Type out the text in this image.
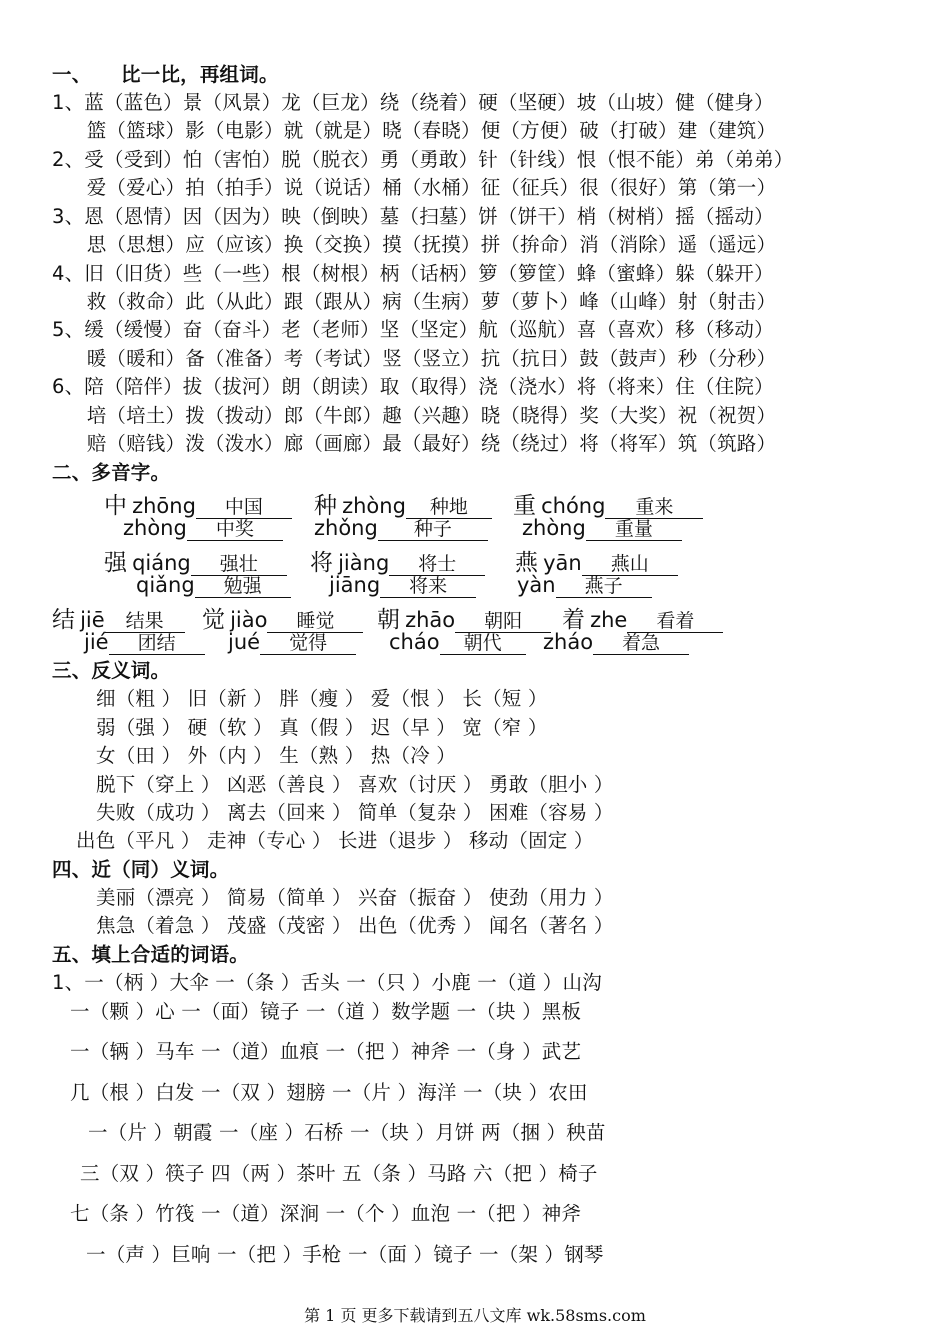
一、　　比一比，再组词。
1、蓝（蓝色）景（风景）龙（巨龙）绕（绕着）硬（坚硬）坡（山坡）健（健身）
　篮（篮球）影（电影）就（就是）晓（春晓）便（方便）破（打破）建（建筑）
2、受（受到）怕（害怕）脱（脱衣）勇（勇敢）针（针线）恨（恨不能）弟（弟弟）
　爱（爱心）拍（拍手）说（说话）桶（水桶）征（征兵）很（很好）第（第一）
3、恩（恩情）因（因为）映（倒映）墓（扫墓）饼（饼干）梢（树梢）摇（摇动）
　思（思想）应（应该）换（交换）摸（抚摸）拼（拚命）消（消除）遥（遥远）
4、旧（旧货）些（一些）根（树根）柄（话柄）箩（箩筐）蜂（蜜蜂）躲（躲开）
　救（救命）此（从此）跟（跟从）病（生病）萝（萝卜）峰（山峰）射（射击）
5、缓（缓慢）奋（奋斗）老（老师）坚（坚定）航（巡航）喜（喜欢）移（移动）
　暖（暖和）备（准备）考（考试）竖（竖立）抗（抗日）鼓（鼓声）秒（分秒）
6、陪（陪伴）拔（拔河）朗（朗读）取（取得）浇（浇水）将（将来）住（住院）
　培（培土）拨（拨动）郎（牛郎）趣（兴趣）晓（晓得）奖（大奖）祝（祝贺）
　赔（赔钱）泼（泼水）廊（画廊）最（最好）绕（绕过）将（将军）筑（筑路）
二、多音字。
中 zhōng 中国	种 zhòng 种地	重 chóng 重来
zhòng 中奖	zhǒng 种子	zhòng 重量
强 qiáng 强壮	将 jiàng 将士	燕 yān 燕山
qiǎng 勉强	jiāng 将来	yàn 燕子
结 jiē 结果	觉 jiào 睡觉	朝 zhāo 朝阳	着 zhe 看着
jié 团结	jué 觉得	cháo 朝代	zháo 着急
三、反义词。
细（粗 ） 旧（新 ） 胖（瘦 ） 爱（恨 ） 长（短 ）
弱（强 ） 硬（软 ） 真（假 ） 迟（早 ） 宽（窄 ）
女（田 ） 外（内 ） 生（熟 ） 热（冷 ）
脱下（穿上 ） 凶恶（善良 ） 喜欢（讨厌 ） 勇敢（胆小 ）
失败（成功 ） 离去（回来 ） 简单（复杂 ） 困难（容易 ）
出色（平凡 ） 走神（专心 ） 长进（退步 ） 移动（固定 ）
四、近（同）义词。
美丽（漂亮 ） 简易（简单 ） 兴奋（振奋 ） 使劲（用力 ）
焦急（着急 ） 茂盛（茂密 ） 出色（优秀 ） 闻名（著名 ）
五、填上合适的词语。
1、一（柄 ）大伞 一（条 ）舌头 一（只 ）小鹿 一（道 ）山沟
一（颗 ）心 一（面）镜子 一（道 ）数学题 一（块 ）黑板
一（辆 ）马车 一（道）血痕 一（把 ）神斧 一（身 ）武艺
几（根 ）白发 一（双 ）翅膀 一（片 ）海洋 一（块 ）农田
一（片 ）朝霞 一（座 ）石桥 一（块 ）月饼 两（捆 ）秧苗
三（双 ）筷子 四（两 ）茶叶 五（条 ）马路 六（把 ）椅子
七（条 ）竹筏 一（道）深涧 一（个 ）血泡 一（把 ）神斧
一（声 ）巨响 一（把 ）手枪 一（面 ）镜子 一（架 ）钢琴
第 1 页 更多下载请到五八文库 wk.58sms.com
